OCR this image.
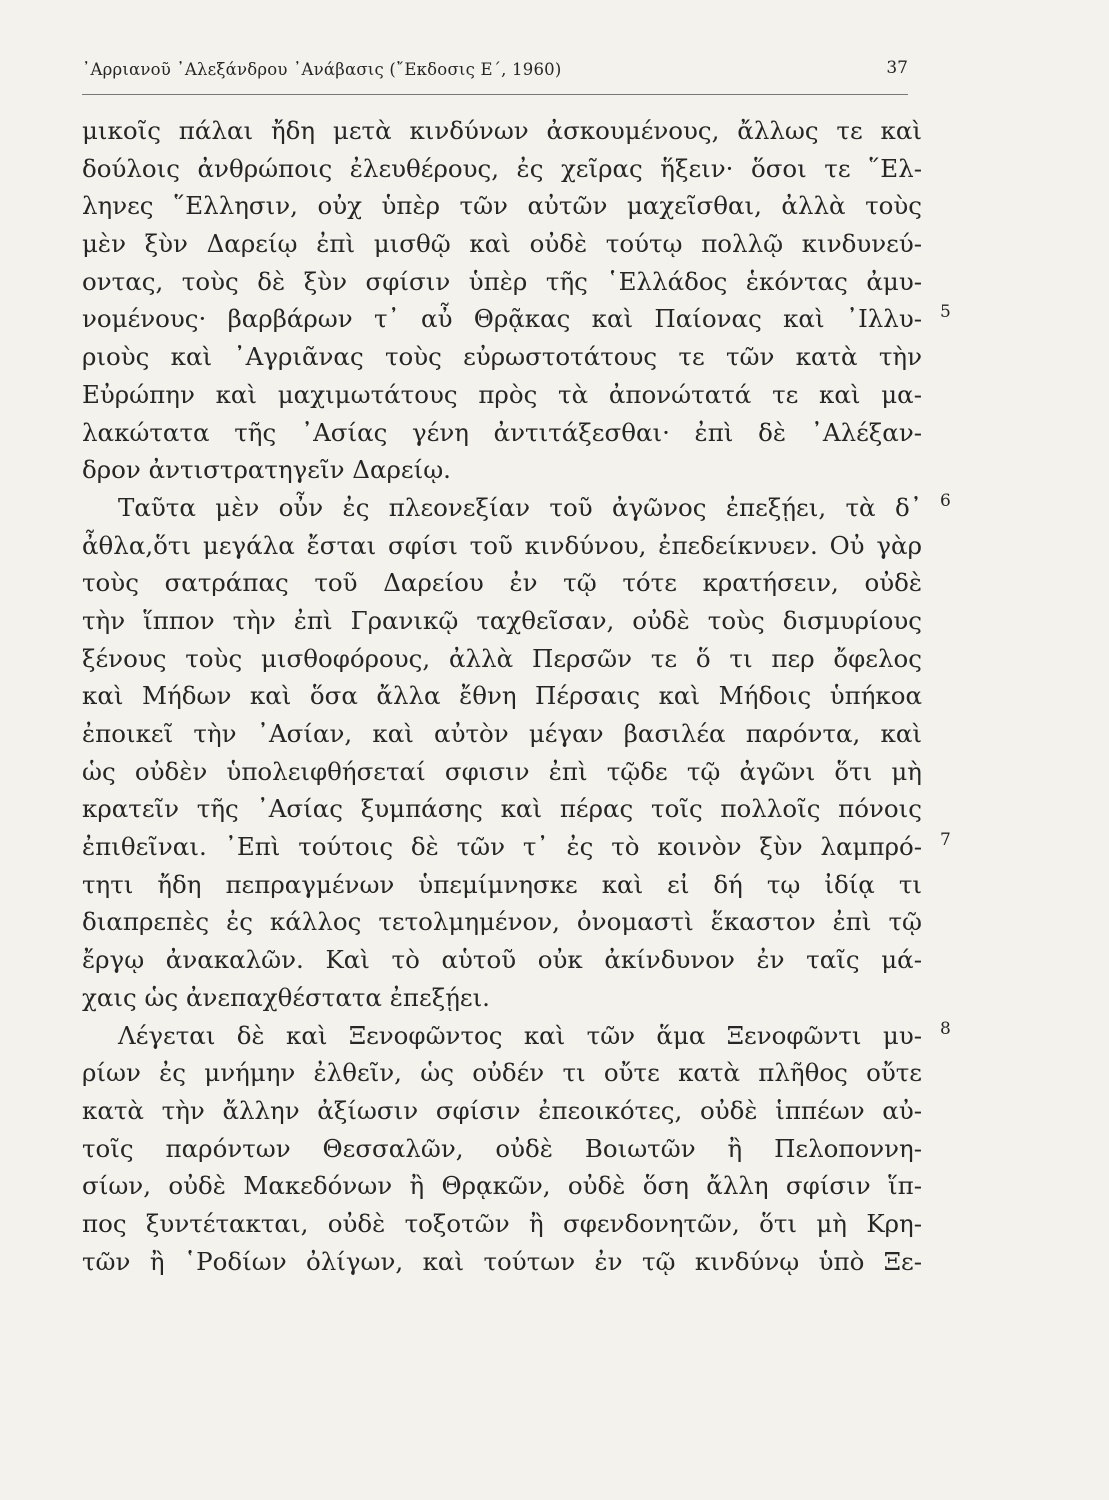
᾿Αρριανοῦ ᾿Αλεξάνδρου ᾿Ανάβασις (῎Εκδοσις Ε΄, 1960)	37
μικοῖς πάλαι ἤδη μετὰ κινδύνων ἀσκουμένους, ἄλλως τε καὶ
δούλοις ἀνθρώποις ἐλευθέρους, ἐς χεῖρας ἥξειν· ὅσοι τε ῞Ελ-
ληνες ῞Ελλησιν, οὐχ ὑπὲρ τῶν αὐτῶν μαχεῖσθαι, ἀλλὰ τοὺς
μὲν ξὺν Δαρείῳ ἐπὶ μισθῷ καὶ οὐδὲ τούτῳ πολλῷ κινδυνεύ-
οντας, τοὺς δὲ ξὺν σφίσιν ὑπὲρ τῆς ῾Ελλάδος ἑκόντας ἀμυ-
νομένους· βαρβάρων τ᾿ αὖ Θρᾷκας καὶ Παίονας καὶ ᾿Ιλλυ- 5
ριοὺς καὶ ᾿Αγριᾶνας τοὺς εὐρωστοτάτους τε τῶν κατὰ τὴν
Εὐρώπην καὶ μαχιμωτάτους πρὸς τὰ ἀπονώτατά τε καὶ μα-
λακώτατα τῆς ᾿Ασίας γένη ἀντιτάξεσθαι· ἐπὶ δὲ ᾿Αλέξαν-
δρον ἀντιστρατηγεῖν Δαρείῳ.
Ταῦτα μὲν οὖν ἐς πλεονεξίαν τοῦ ἀγῶνος ἐπεξῄει, τὰ δ᾿ 6
ἆθλα,ὅτι μεγάλα ἔσται σφίσι τοῦ κινδύνου, ἐπεδείκνυεν. Οὐ γὰρ
τοὺς σατράπας τοῦ Δαρείου ἐν τῷ τότε κρατήσειν, οὐδὲ
τὴν ἵππον τὴν ἐπὶ Γρανικῷ ταχθεῖσαν, οὐδὲ τοὺς δισμυρίους
ξένους τοὺς μισθοφόρους, ἀλλὰ Περσῶν τε ὅ τι περ ὄφελος
καὶ Μήδων καὶ ὅσα ἄλλα ἔθνη Πέρσαις καὶ Μήδοις ὑπήκοα
ἐποικεῖ τὴν ᾿Ασίαν, καὶ αὐτὸν μέγαν βασιλέα παρόντα, καὶ
ὡς οὐδὲν ὑπολειφθήσεταί σφισιν ἐπὶ τῷδε τῷ ἀγῶνι ὅτι μὴ
κρατεῖν τῆς ᾿Ασίας ξυμπάσης καὶ πέρας τοῖς πολλοῖς πόνοις
ἐπιθεῖναι. ᾿Επὶ τούτοις δὲ τῶν τ᾿ ἐς τὸ κοινὸν ξὺν λαμπρό- 7
τητι ἤδη πεπραγμένων ὑπεμίμνησκε καὶ εἰ δή τῳ ἰδίᾳ τι
διαπρεπὲς ἐς κάλλος τετολμημένον, ὀνομαστὶ ἕκαστον ἐπὶ τῷ
ἔργῳ ἀνακαλῶν. Καὶ τὸ αὑτοῦ οὐκ ἀκίνδυνον ἐν ταῖς μά-
χαις ὡς ἀνεπαχθέστατα ἐπεξῄει.
Λέγεται δὲ καὶ Ξενοφῶντος καὶ τῶν ἅμα Ξενοφῶντι μυ- 8
ρίων ἐς μνήμην ἐλθεῖν, ὡς οὐδέν τι οὔτε κατὰ πλῆθος οὔτε
κατὰ τὴν ἄλλην ἀξίωσιν σφίσιν ἐπεοικότες, οὐδὲ ἱππέων αὐ-
τοῖς παρόντων Θεσσαλῶν, οὐδὲ Βοιωτῶν ἢ Πελοποννη-
σίων, οὐδὲ Μακεδόνων ἢ Θρᾳκῶν, οὐδὲ ὅση ἄλλη σφίσιν ἵπ-
πος ξυντέτακται, οὐδὲ τοξοτῶν ἢ σφενδονητῶν, ὅτι μὴ Κρη-
τῶν ἢ ῾Ροδίων ὀλίγων, καὶ τούτων ἐν τῷ κινδύνῳ ὑπὸ Ξε-
